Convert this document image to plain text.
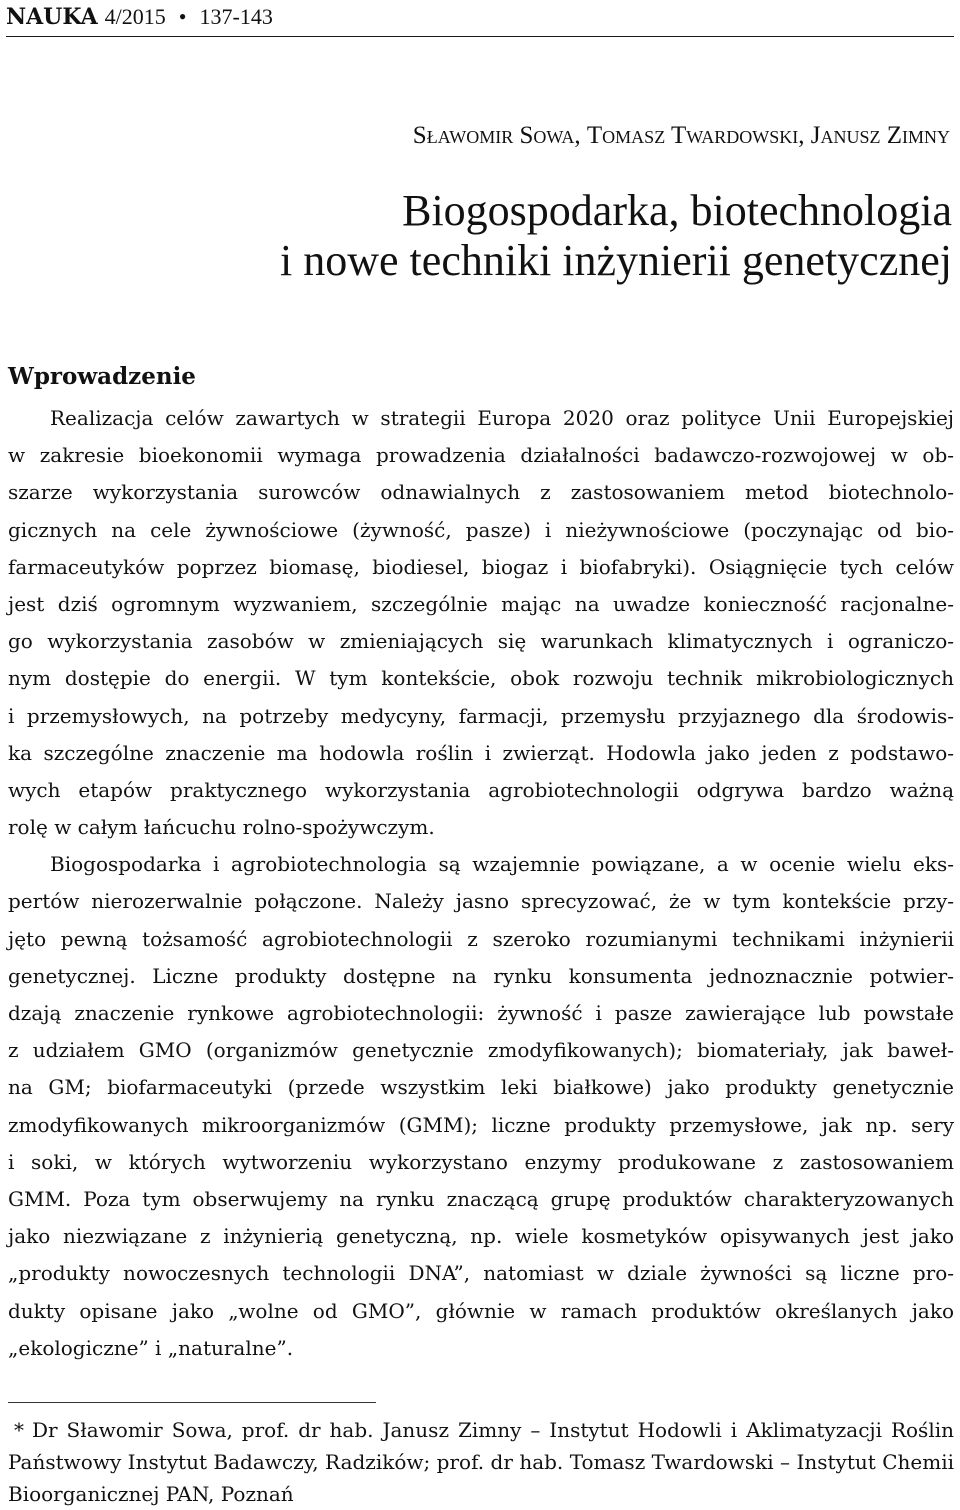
NAUKA 4/2015 • 137-143
Sławomir Sowa, Tomasz Twardowski, Janusz Zimny
Biogospodarka, biotechnologia
i nowe techniki inżynierii genetycznej
Wprowadzenie
Realizacja celów zawartych w strategii Europa 2020 oraz polityce Unii Europejskiej
w zakresie bioekonomii wymaga prowadzenia działalności badawczo-rozwojowej w ob-
szarze wykorzystania surowców odnawialnych z zastosowaniem metod biotechnolo-
gicznych na cele żywnościowe (żywność, pasze) i nieżywnościowe (poczynając od bio-
farmaceutyków poprzez biomasę, biodiesel, biogaz i biofabryki). Osiągnięcie tych celów
jest dziś ogromnym wyzwaniem, szczególnie mając na uwadze konieczność racjonalne-
go wykorzystania zasobów w zmieniających się warunkach klimatycznych i ograniczo-
nym dostępie do energii. W tym kontekście, obok rozwoju technik mikrobiologicznych
i przemysłowych, na potrzeby medycyny, farmacji, przemysłu przyjaznego dla środowis-
ka szczególne znaczenie ma hodowla roślin i zwierząt. Hodowla jako jeden z podstawo-
wych etapów praktycznego wykorzystania agrobiotechnologii odgrywa bardzo ważną
rolę w całym łańcuchu rolno-spożywczym.
Biogospodarka i agrobiotechnologia są wzajemnie powiązane, a w ocenie wielu eks-
pertów nierozerwalnie połączone. Należy jasno sprecyzować, że w tym kontekście przy-
jęto pewną tożsamość agrobiotechnologii z szeroko rozumianymi technikami inżynierii
genetycznej. Liczne produkty dostępne na rynku konsumenta jednoznacznie potwier-
dzają znaczenie rynkowe agrobiotechnologii: żywność i pasze zawierające lub powstałe
z udziałem GMO (organizmów genetycznie zmodyfikowanych); biomateriały, jak baweł-
na GM; biofarmaceutyki (przede wszystkim leki białkowe) jako produkty genetycznie
zmodyfikowanych mikroorganizmów (GMM); liczne produkty przemysłowe, jak np. sery
i soki, w których wytworzeniu wykorzystano enzymy produkowane z zastosowaniem
GMM. Poza tym obserwujemy na rynku znaczącą grupę produktów charakteryzowanych
jako niezwiązane z inżynierią genetyczną, np. wiele kosmetyków opisywanych jest jako
„produkty nowoczesnych technologii DNA”, natomiast w dziale żywności są liczne pro-
dukty opisane jako „wolne od GMO”, głównie w ramach produktów określanych jako
„ekologiczne” i „naturalne”.
* Dr Sławomir Sowa, prof. dr hab. Janusz Zimny – Instytut Hodowli i Aklimatyzacji Roślin
Państwowy Instytut Badawczy, Radzików; prof. dr hab. Tomasz Twardowski – Instytut Chemii
Bioorganicznej PAN, Poznań
